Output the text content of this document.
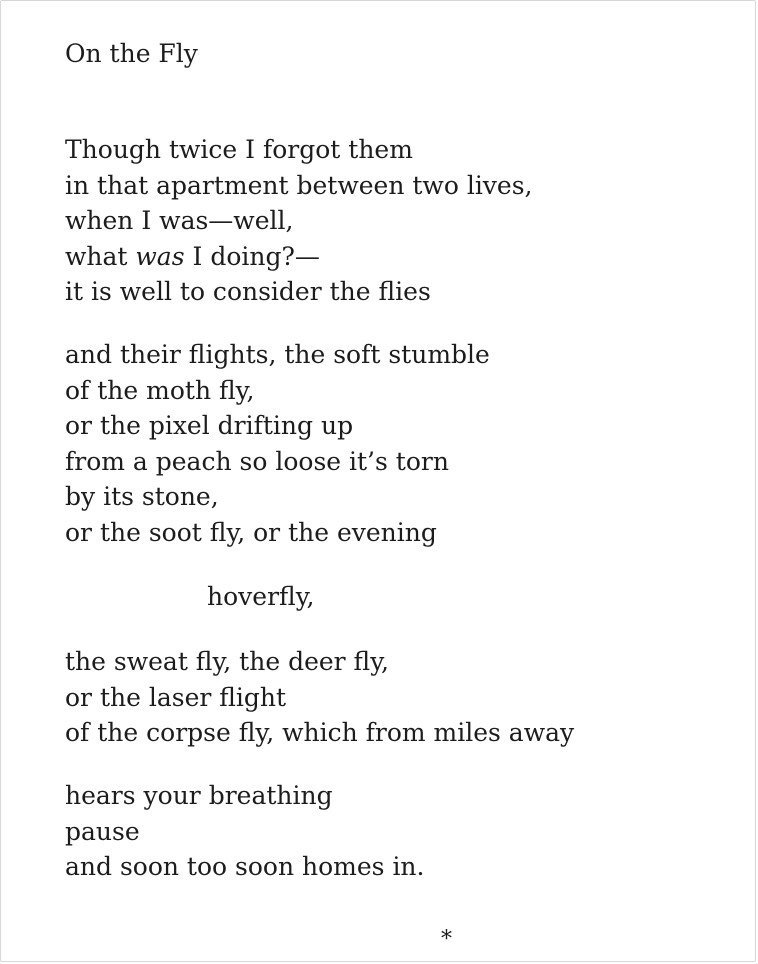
On the Fly
Though twice I forgot them
in that apartment between two lives,
when I was—well,
what was I doing?—
it is well to consider the flies
and their flights, the soft stumble
of the moth fly,
or the pixel drifting up
from a peach so loose it’s torn
by its stone,
or the soot fly, or the evening
hoverfly,
the sweat fly, the deer fly,
or the laser flight
of the corpse fly, which from miles away
hears your breathing
pause
and soon too soon homes in.
*
